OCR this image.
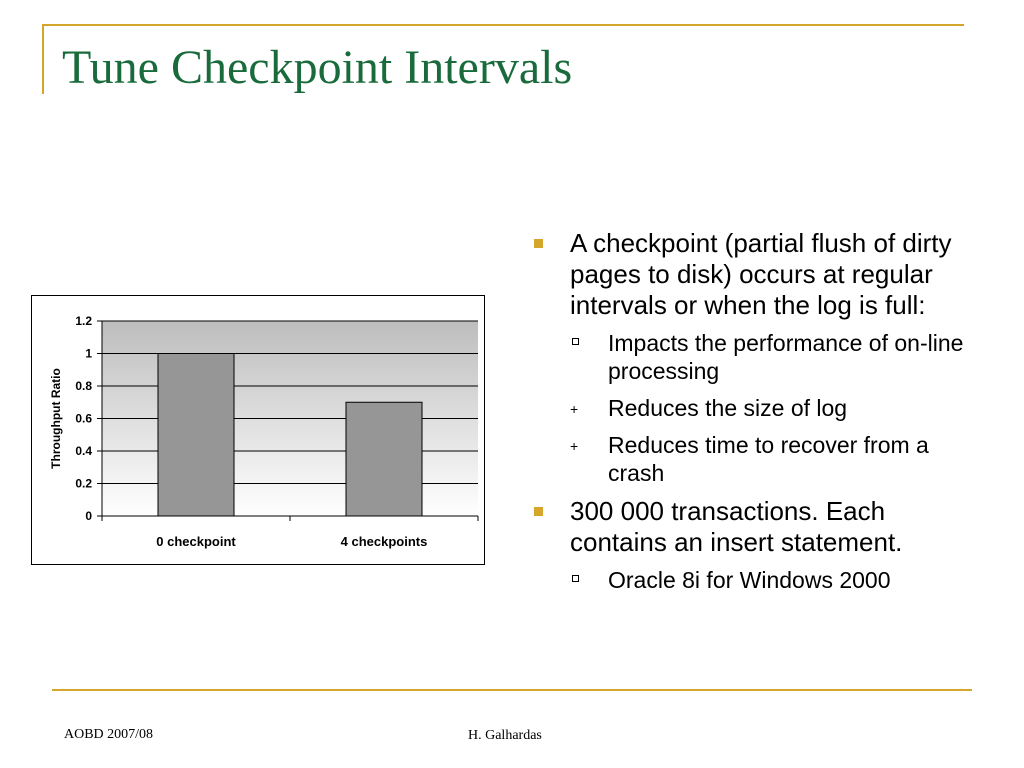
Tune Checkpoint Intervals
0
0.2
0.4
0.6
0.8
1
1.2
0 checkpoint	4 checkpoints
Throughput Ratio
A checkpoint (partial flush of dirty pages to disk) occurs at regular intervals or when the log is full:
Impacts the performance of on-line processing
+ Reduces the size of log
+ Reduces time to recover from a crash
300 000 transactions. Each contains an insert statement.
Oracle 8i for Windows 2000
AOBD 2007/08	H. Galhardas
